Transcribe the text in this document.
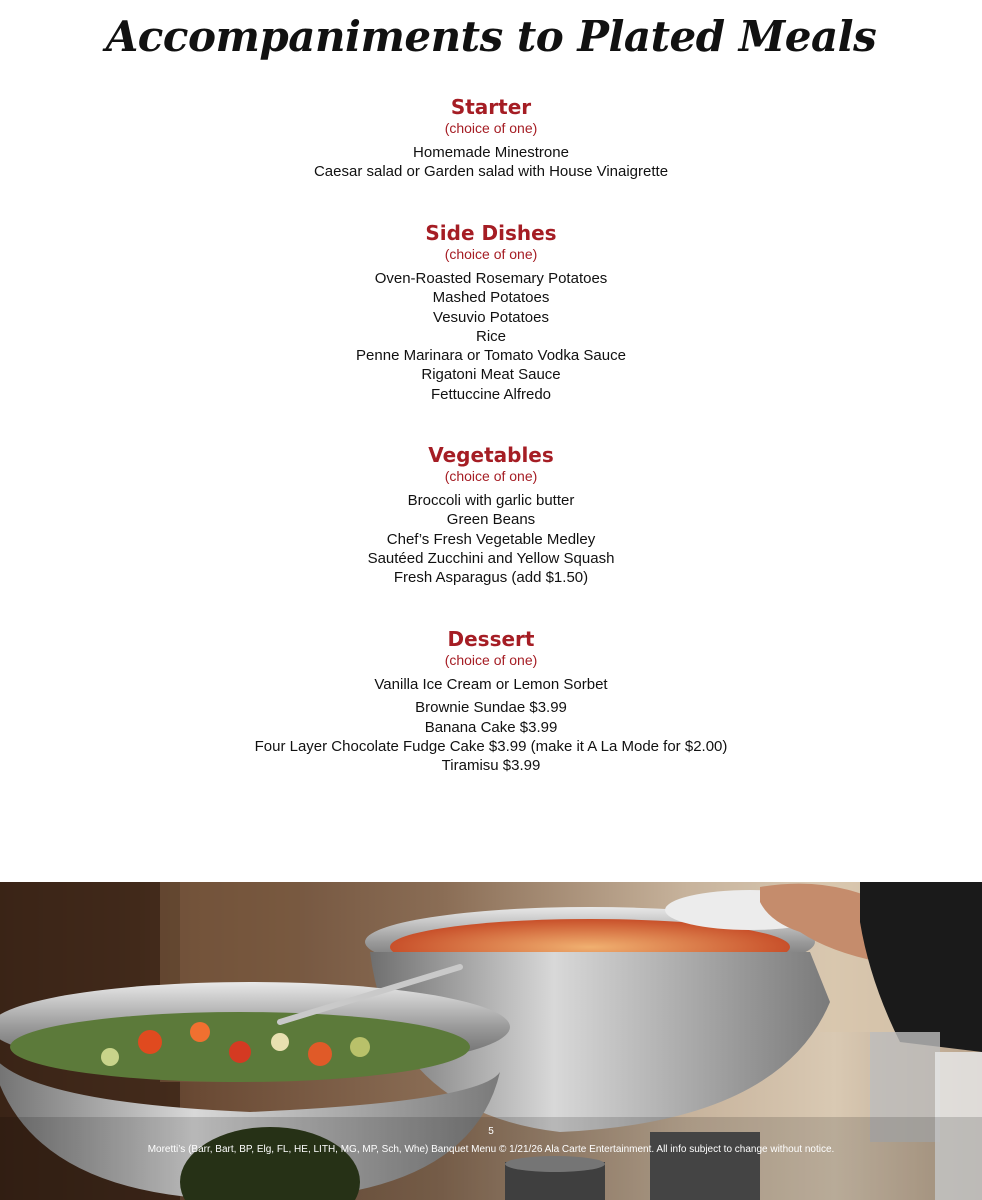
Accompaniments to Plated Meals
Starter
(choice of one)
Homemade Minestrone
Caesar salad or Garden salad with House Vinaigrette
Side Dishes
(choice of one)
Oven-Roasted Rosemary Potatoes
Mashed Potatoes
Vesuvio Potatoes
Rice
Penne Marinara or Tomato Vodka Sauce
Rigatoni Meat Sauce
Fettuccine Alfredo
Vegetables
(choice of one)
Broccoli with garlic butter
Green Beans
Chef’s Fresh Vegetable Medley
Sautéed Zucchini and Yellow Squash
Fresh Asparagus (add $1.50)
Dessert
(choice of one)
Vanilla Ice Cream or Lemon Sorbet
Brownie Sundae $3.99
Banana Cake $3.99
Four Layer Chocolate Fudge Cake $3.99 (make it A La Mode for $2.00)
Tiramisu $3.99
5
Moretti’s (Barr, Bart, BP, Elg, FL, HE, LITH, MG, MP, Sch, Whe) Banquet Menu © 1/21/26 Ala Carte Entertainment. All info subject to change without notice.
